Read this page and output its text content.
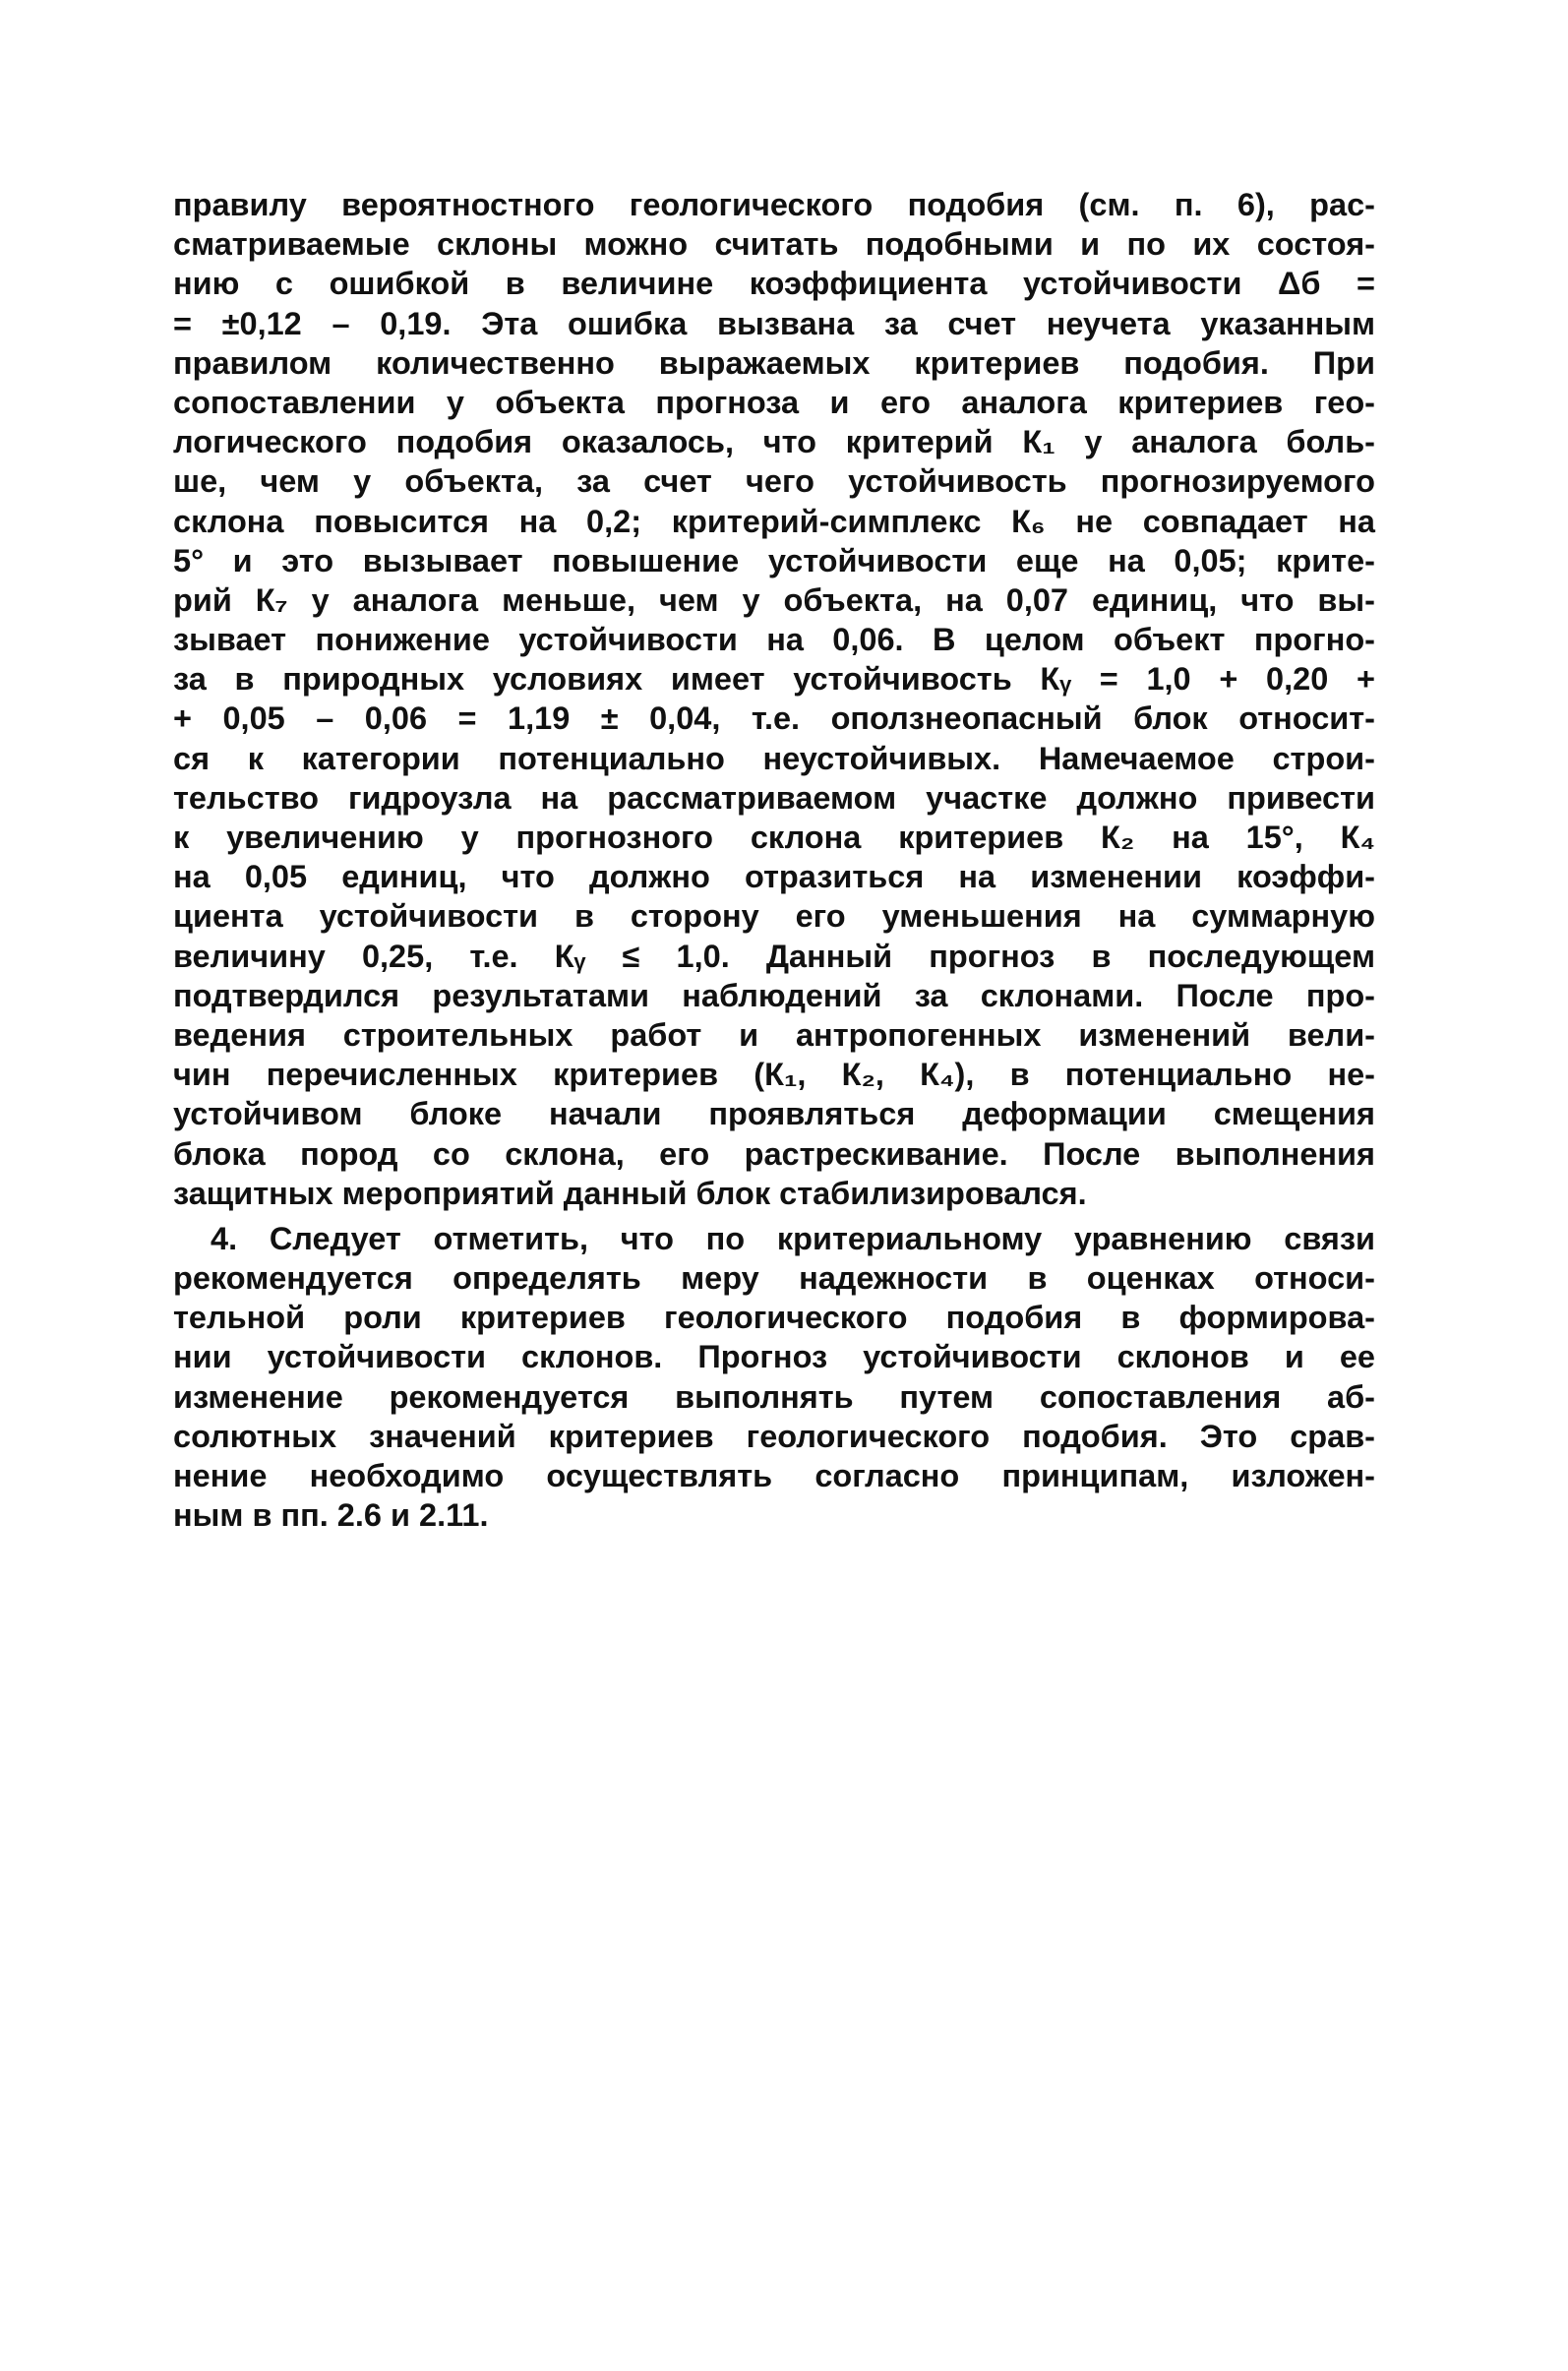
правилу вероятностного геологического подобия (см. п. 6), рас-
сматриваемые склоны можно считать подобными и по их состоя-
нию с ошибкой в величине коэффициента устойчивости Δб =
= ±0,12 – 0,19. Эта ошибка вызвана за счет неучета указанным
правилом количественно выражаемых критериев подобия. При
сопоставлении у объекта прогноза и его аналога критериев гео-
логического подобия оказалось, что критерий К₁ у аналога боль-
ше, чем у объекта, за счет чего устойчивость прогнозируемого
склона повысится на 0,2; критерий-симплекс К₆ не совпадает на
5° и это вызывает повышение устойчивости еще на 0,05; крите-
рий К₇ у аналога меньше, чем у объекта, на 0,07 единиц, что вы-
зывает понижение устойчивости на 0,06. В целом объект прогно-
за в природных условиях имеет устойчивость Кᵧ = 1,0 + 0,20 +
+ 0,05 – 0,06 = 1,19 ± 0,04, т.е. оползнеопасный блок относит-
ся к категории потенциально неустойчивых. Намечаемое строи-
тельство гидроузла на рассматриваемом участке должно привести
к увеличению у прогнозного склона критериев К₂ на 15°, К₄
на 0,05 единиц, что должно отразиться на изменении коэффи-
циента устойчивости в сторону его уменьшения на суммарную
величину 0,25, т.е. Кᵧ ≤ 1,0. Данный прогноз в последующем
подтвердился результатами наблюдений за склонами. После про-
ведения строительных работ и антропогенных изменений вели-
чин перечисленных критериев (К₁, К₂, К₄), в потенциально не-
устойчивом блоке начали проявляться деформации смещения
блока пород со склона, его растрескивание. После выполнения
защитных мероприятий данный блок стабилизировался.
4. Следует отметить, что по критериальному уравнению связи
рекомендуется определять меру надежности в оценках относи-
тельной роли критериев геологического подобия в формирова-
нии устойчивости склонов. Прогноз устойчивости склонов и ее
изменение рекомендуется выполнять путем сопоставления аб-
солютных значений критериев геологического подобия. Это срав-
нение необходимо осуществлять согласно принципам, изложен-
ным в пп. 2.6 и 2.11.
